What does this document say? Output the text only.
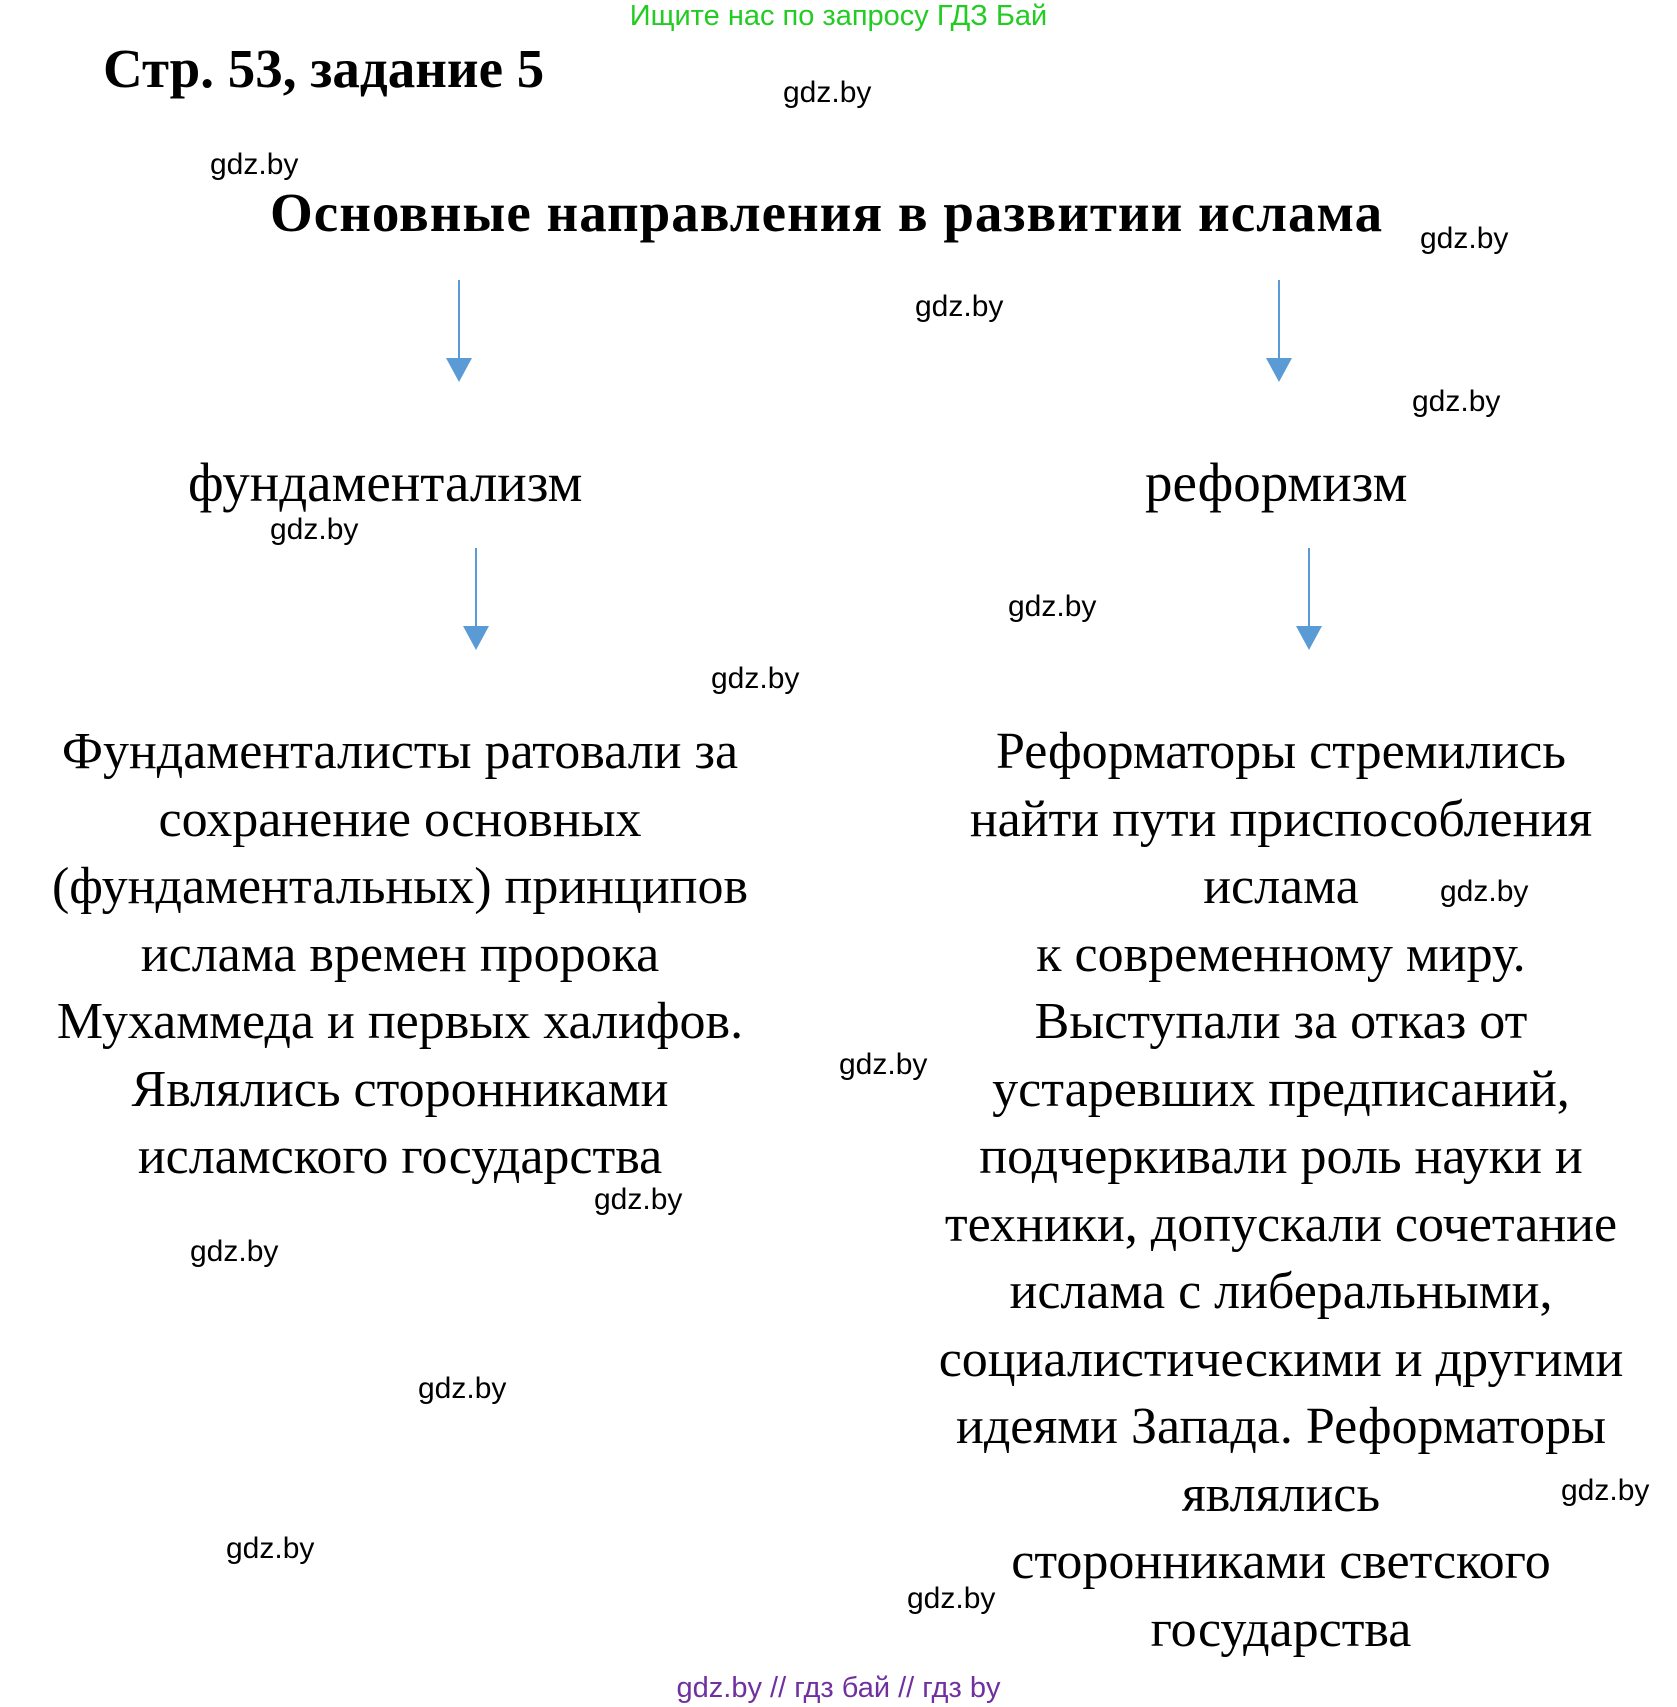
Ищите нас по запросу ГДЗ Бай
Стр. 53, задание 5
Основные направления в развитии ислама
фундаментализм	реформизм
Фундаменталисты ратовали за
сохранение основных
(фундаментальных) принципов
ислама времен пророка
Мухаммеда и первых халифов.
Являлись сторонниками
исламского государства
Реформаторы стремились
найти пути приспособления
ислама
к современному миру.
Выступали за отказ от
устаревших предписаний,
подчеркивали роль науки и
техники, допускали сочетание
ислама с либеральными,
социалистическими и другими
идеями Запада. Реформаторы
являлись
сторонниками светского
государства
gdz.by
gdz.by
gdz.by
gdz.by
gdz.by
gdz.by
gdz.by
gdz.by
gdz.by
gdz.by
gdz.by
gdz.by
gdz.by
gdz.by
gdz.by
gdz.by
gdz.by // гдз бай // гдз by
